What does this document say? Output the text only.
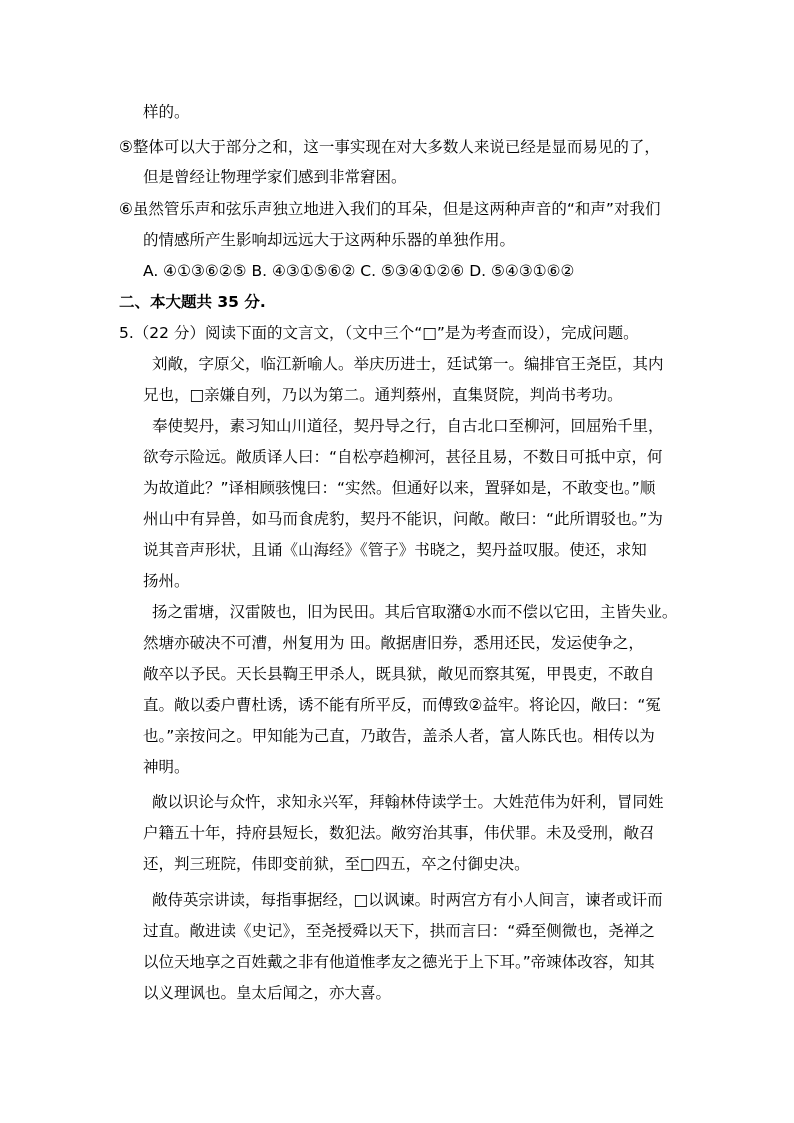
样的。
⑤整体可以大于部分之和，这一事实现在对大多数人来说已经是显而易见的了，
但是曾经让物理学家们感到非常窘困。
⑥虽然管乐声和弦乐声独立地进入我们的耳朵，但是这两种声音的“和声”对我们
的情感所产生影响却远远大于这两种乐器的单独作用。
A. ④①③⑥②⑤ B. ④③①⑤⑥② C. ⑤③④①②⑥ D. ⑤④③①⑥②
二、本大题共 35 分.
5.（22 分）阅读下面的文言文，（文中三个“□”是为考查而设），完成问题。
刘敞，字原父，临江新喻人。举庆历进士，廷试第一。编排官王尧臣，其内
兄也，□亲嫌自列，乃以为第二。通判蔡州，直集贤院，判尚书考功。
奉使契丹，素习知山川道径，契丹导之行，自古北口至柳河，回屈殆千里，
欲夸示险远。敞质译人曰：“自松亭趋柳河，甚径且易，不数日可抵中京，何
为故道此？”译相顾骇愧曰：“实然。但通好以来，置驿如是，不敢变也。”顺
州山中有异兽，如马而食虎豹，契丹不能识，问敞。敞曰：“此所谓驳也。”为
说其音声形状，且诵《山海经》《管子》书晓之，契丹益叹服。使还，求知
扬州。
扬之雷塘，汉雷陂也，旧为民田。其后官取潴①水而不偿以它田，主皆失业。
然塘亦破决不可漕，州复用为 田。敞据唐旧券，悉用还民，发运使争之，
敞卒以予民。天长县鞫王甲杀人，既具狱，敞见而察其冤，甲畏吏，不敢自
直。敞以委户曹杜诱，诱不能有所平反，而傅致②益牢。将论囚，敞曰：“冤
也。”亲按问之。甲知能为己直，乃敢告，盖杀人者，富人陈氏也。相传以为
神明。
敞以识论与众忤，求知永兴军，拜翰林侍读学士。大姓范伟为奸利，冒同姓
户籍五十年，持府县短长，数犯法。敞穷治其事，伟伏罪。未及受刑，敞召
还，判三班院，伟即变前狱，至□四五，卒之付御史决。
敞侍英宗讲读，每指事据经，□以讽谏。时两宫方有小人间言，谏者或讦而
过直。敞进读《史记》，至尧授舜以天下，拱而言曰：“舜至侧微也，尧禅之
以位天地享之百姓戴之非有他道惟孝友之德光于上下耳。”帝竦体改容，知其
以义理讽也。皇太后闻之，亦大喜。
